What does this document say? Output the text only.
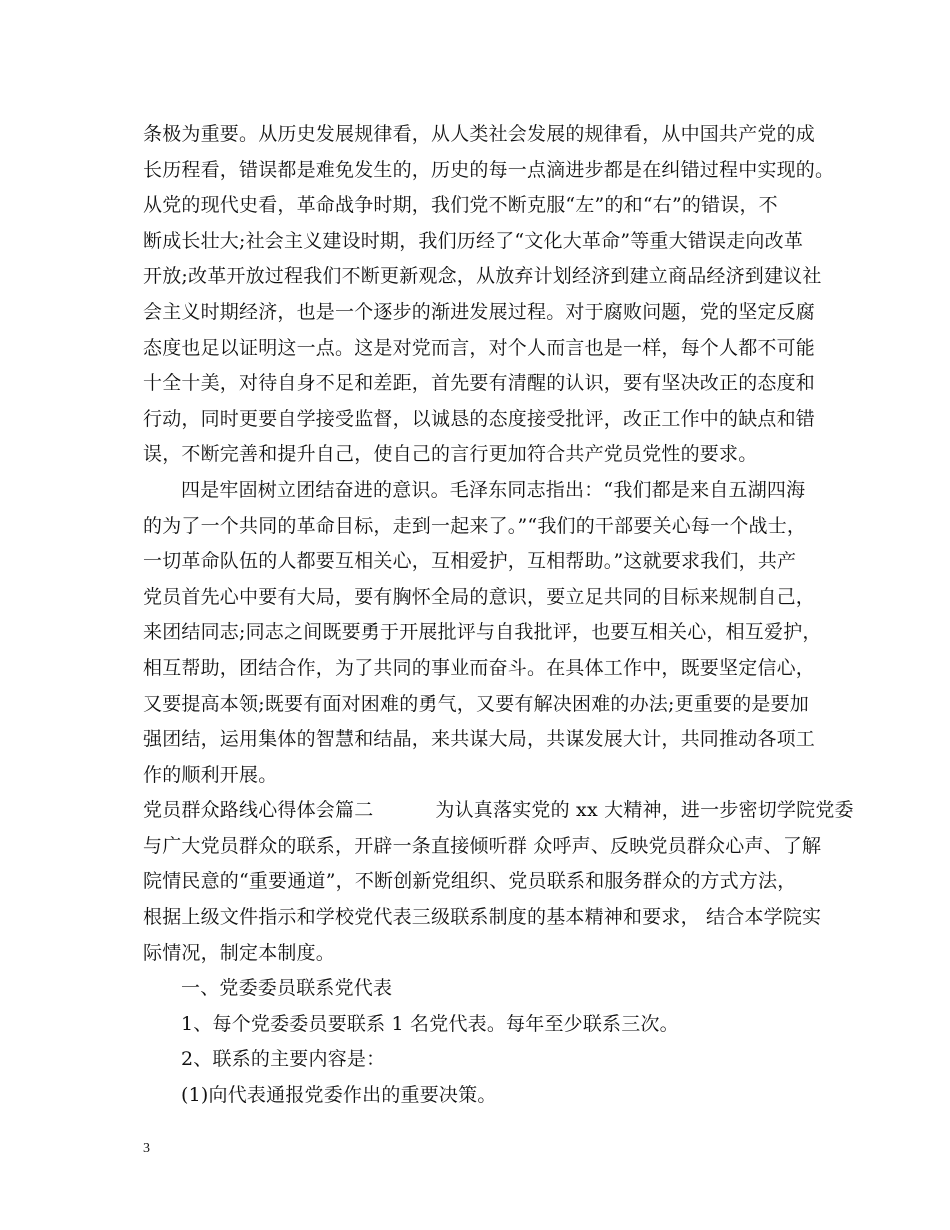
条极为重要。从历史发展规律看，从人类社会发展的规律看，从中国共产党的成
长历程看，错误都是难免发生的，历史的每一点滴进步都是在纠错过程中实现的。
从党的现代史看，革命战争时期，我们党不断克服“左”的和“右”的错误，不
断成长壮大;社会主义建设时期，我们历经了“文化大革命”等重大错误走向改革
开放;改革开放过程我们不断更新观念，从放弃计划经济到建立商品经济到建议社
会主义时期经济，也是一个逐步的渐进发展过程。对于腐败问题，党的坚定反腐
态度也足以证明这一点。这是对党而言，对个人而言也是一样，每个人都不可能
十全十美，对待自身不足和差距，首先要有清醒的认识，要有坚决改正的态度和
行动，同时更要自学接受监督，以诚恳的态度接受批评，改正工作中的缺点和错
误，不断完善和提升自己，使自己的言行更加符合共产党员党性的要求。
四是牢固树立团结奋进的意识。毛泽东同志指出：“我们都是来自五湖四海
的为了一个共同的革命目标，走到一起来了。”“我们的干部要关心每一个战士，
一切革命队伍的人都要互相关心，互相爱护，互相帮助。”这就要求我们，共产
党员首先心中要有大局，要有胸怀全局的意识，要立足共同的目标来规制自己，
来团结同志;同志之间既要勇于开展批评与自我批评，也要互相关心，相互爱护，
相互帮助，团结合作，为了共同的事业而奋斗。在具体工作中，既要坚定信心，
又要提高本领;既要有面对困难的勇气，又要有解决困难的办法;更重要的是要加
强团结，运用集体的智慧和结晶，来共谋大局，共谋发展大计，共同推动各项工
作的顺利开展。
党员群众路线心得体会篇二	为认真落实党的 xx 大精神，进一步密切学院党委
与广大党员群众的联系，开辟一条直接倾听群 众呼声、反映党员群众心声、了解
院情民意的“重要通道”，不断创新党组织、党员联系和服务群众的方式方法，
根据上级文件指示和学校党代表三级联系制度的基本精神和要求， 结合本学院实
际情况，制定本制度。
一、党委委员联系党代表
1、每个党委委员要联系 1 名党代表。每年至少联系三次。
2、联系的主要内容是：
(1)向代表通报党委作出的重要决策。
3
